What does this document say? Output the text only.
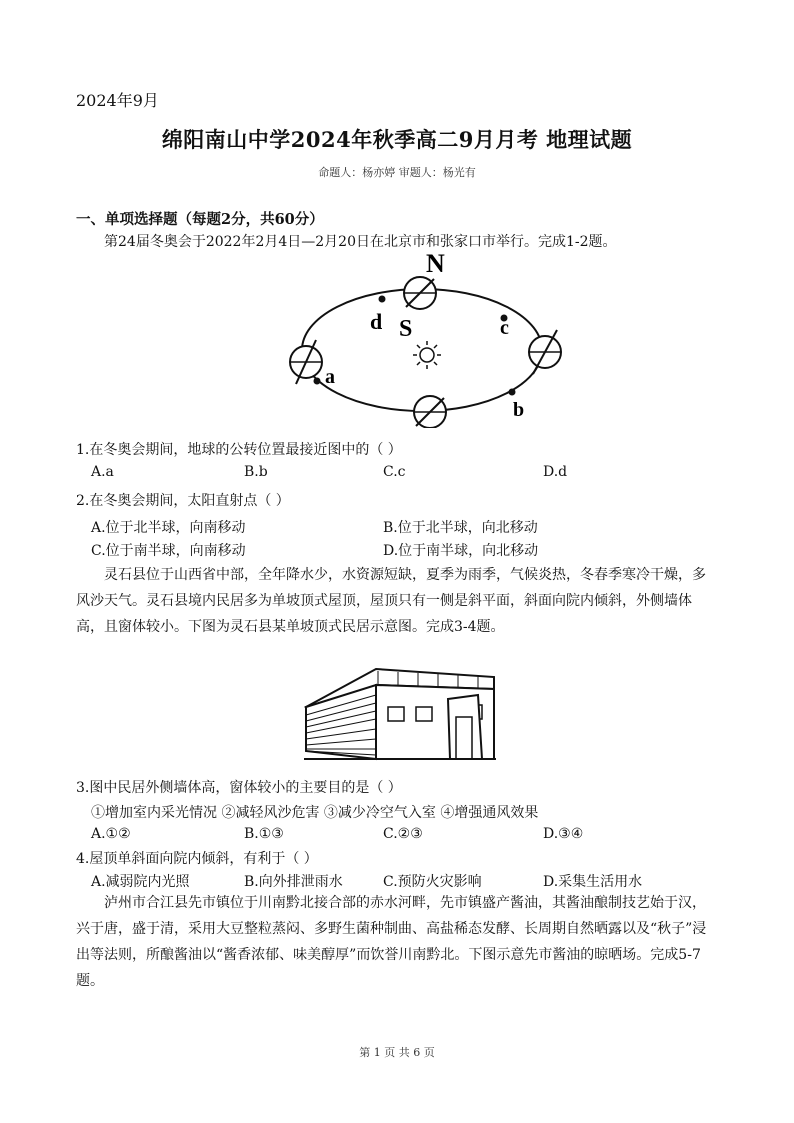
2024年9月
绵阳南山中学2024年秋季高二9月月考 地理试题
命题人：杨亦婷 审题人：杨光有
一、单项选择题（每题2分，共60分）
第24届冬奥会于2022年2月4日—2月20日在北京市和张家口市举行。完成1-2题。
N
S
d	c
a
b
1.在冬奥会期间，地球的公转位置最接近图中的（ ）
A.a	B.b	C.c	D.d
2.在冬奥会期间，太阳直射点（ ）
A.位于北半球，向南移动	B.位于北半球，向北移动
C.位于南半球，向南移动	D.位于南半球，向北移动
灵石县位于山西省中部，全年降水少，水资源短缺，夏季为雨季，气候炎热，冬春季寒冷干燥，多风沙天气。灵石县境内民居多为单坡顶式屋顶，屋顶只有一侧是斜平面，斜面向院内倾斜，外侧墙体高，且窗体较小。下图为灵石县某单坡顶式民居示意图。完成3-4题。
3.图中民居外侧墙体高，窗体较小的主要目的是（ ）
①增加室内采光情况 ②减轻风沙危害 ③减少冷空气入室 ④增强通风效果
A.①②	B.①③	C.②③	D.③④
4.屋顶单斜面向院内倾斜，有利于（ ）
A.减弱院内光照	B.向外排泄雨水	C.预防火灾影响	D.采集生活用水
泸州市合江县先市镇位于川南黔北接合部的赤水河畔，先市镇盛产酱油，其酱油酿制技艺始于汉，兴于唐，盛于清，采用大豆整粒蒸闷、多野生菌种制曲、高盐稀态发酵、长周期自然晒露以及“秋子”浸出等法则，所酿酱油以“酱香浓郁、味美醇厚”而饮誉川南黔北。下图示意先市酱油的晾晒场。完成5-7题。
第 1 页 共 6 页
